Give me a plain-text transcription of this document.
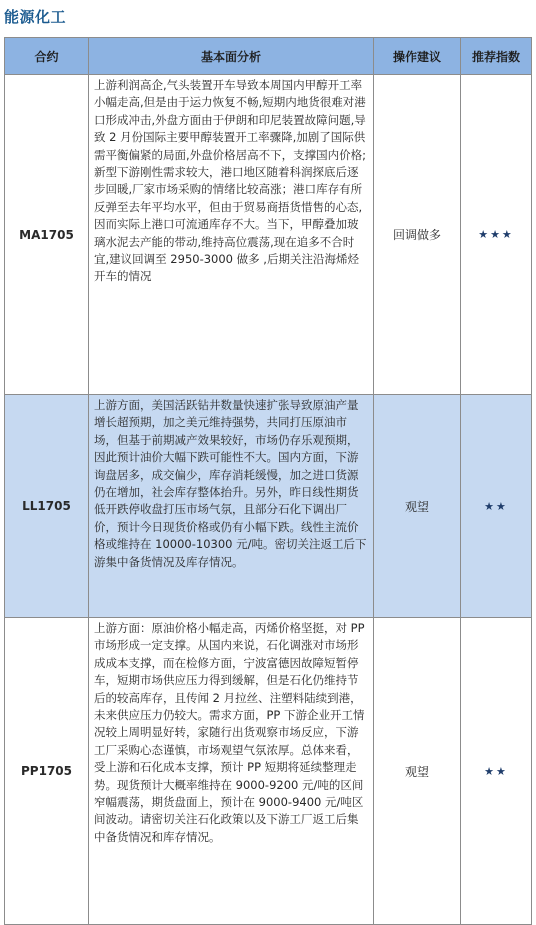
能源化工
合约	基本面分析	操作建议	推荐指数
MA1705	上游利润高企,气头装置开车导致本周国内甲醇开工率小幅走高,但是由于运力恢复不畅,短期内地货很难对港口形成冲击,外盘方面由于伊朗和印尼装置故障问题,导致 2 月份国际主要甲醇装置开工率骤降,加剧了国际供需平衡偏紧的局面,外盘价格居高不下，支撑国内价格;新型下游刚性需求较大，港口地区随着科润探底后逐步回暖,厂家市场采购的情绪比较高涨；港口库存有所反弹至去年平均水平，但由于贸易商捂货惜售的心态,因而实际上港口可流通库存不大。当下，甲醇叠加玻璃水泥去产能的带动,维持高位震荡,现在追多不合时宜,建议回调至 2950-3000 做多 ,后期关注沿海烯烃开车的情况	回调做多	★★★
LL1705	上游方面，美国活跃钻井数量快速扩张导致原油产量增长超预期，加之美元维持强势，共同打压原油市场，但基于前期减产效果较好，市场仍存乐观预期，因此预计油价大幅下跌可能性不大。国内方面，下游询盘居多，成交偏少，库存消耗缓慢，加之进口货源仍在增加，社会库存整体抬升。另外，昨日线性期货低开跌停收盘打压市场气氛，且部分石化下调出厂价，预计今日现货价格或仍有小幅下跌。线性主流价格或维持在 10000-10300 元/吨。密切关注返工后下游集中备货情况及库存情况。	观望	★★
PP1705	上游方面：原油价格小幅走高，丙烯价格坚挺，对 PP 市场形成一定支撑。从国内来说，石化调涨对市场形成成本支撑，而在检修方面，宁波富德因故障短暂停车，短期市场供应压力得到缓解，但是石化仍维持节后的较高库存，且传闻 2 月拉丝、注塑料陆续到港，未来供应压力仍较大。需求方面，PP 下游企业开工情况较上周明显好转，家随行出货观察市场反应，下游工厂采购心态谨慎，市场观望气氛浓厚。总体来看，受上游和石化成本支撑，预计 PP 短期将延续整理走势。现货预计大概率维持在 9000-9200 元/吨的区间窄幅震荡，期货盘面上，预计在 9000-9400 元/吨区间波动。请密切关注石化政策以及下游工厂返工后集中备货情况和库存情况。	观望	★★
